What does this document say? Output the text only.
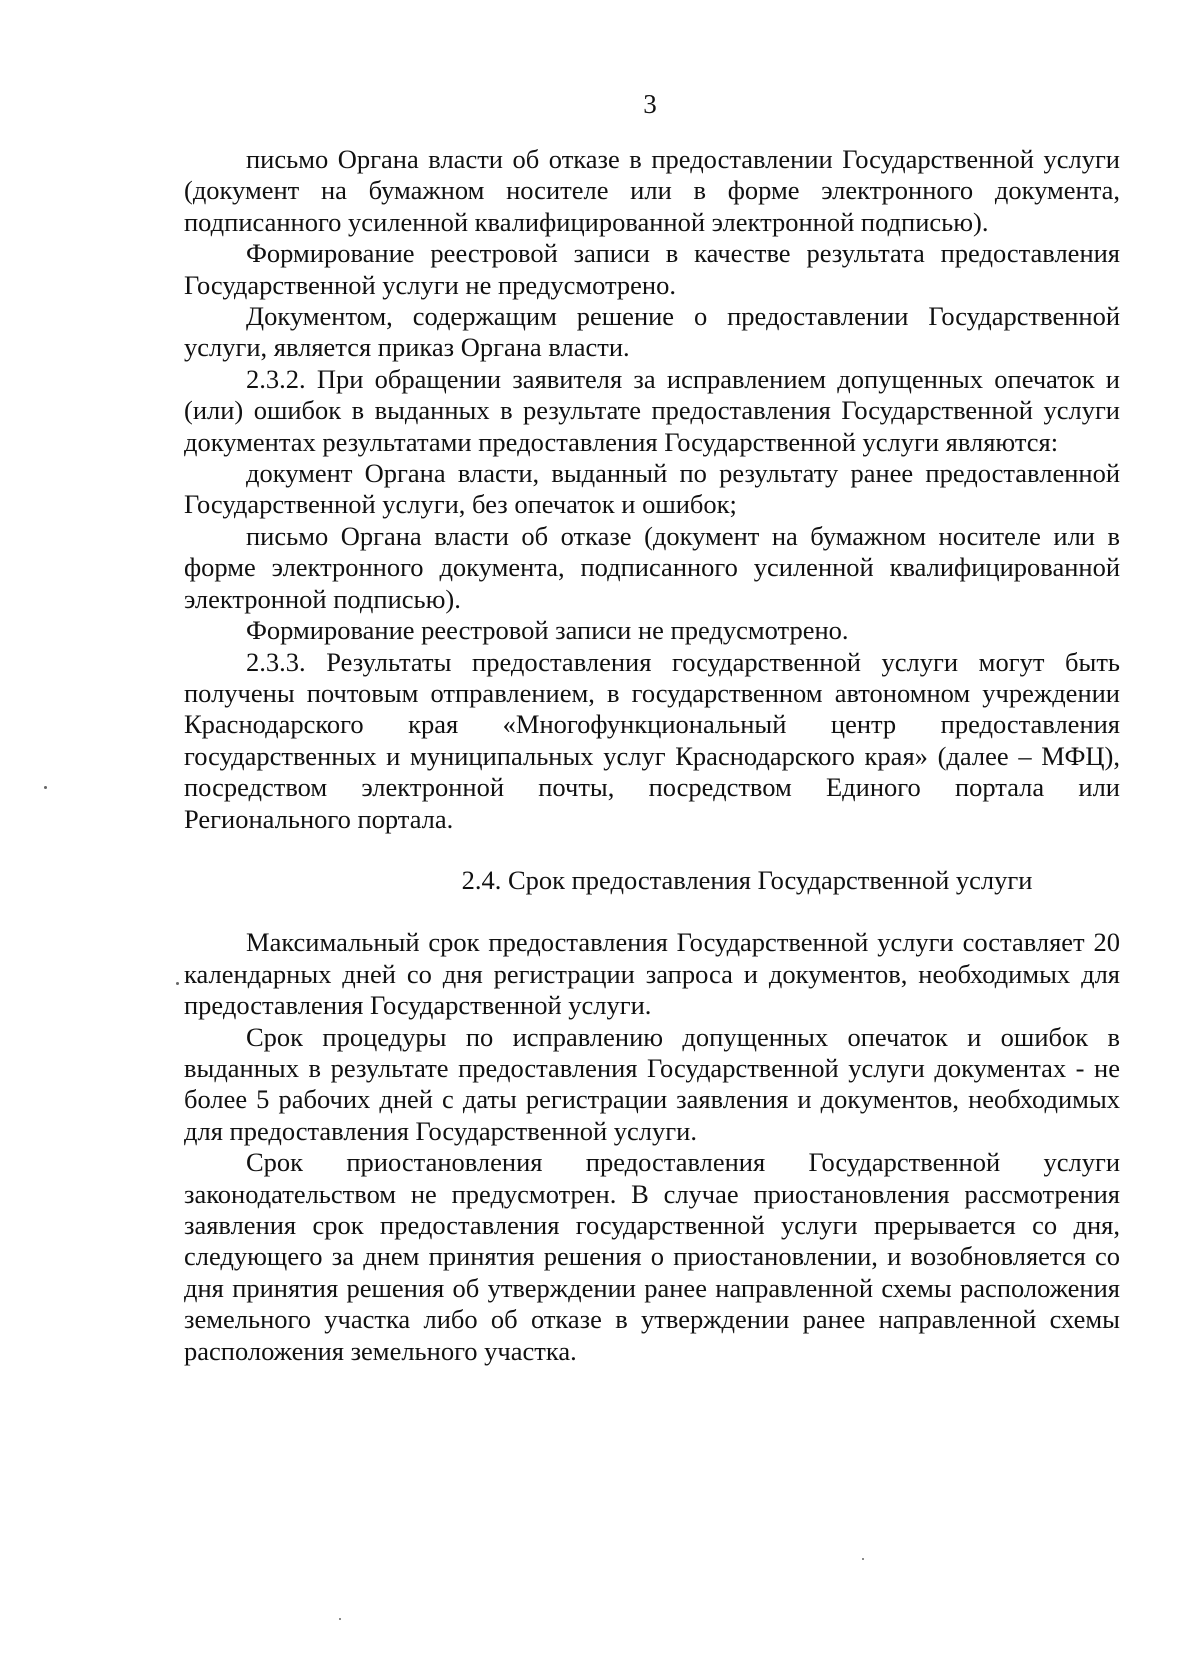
3

письмо Органа власти об отказе в предоставлении Государственной услуги (документ на бумажном носителе или в форме электронного документа, подписанного усиленной квалифицированной электронной подписью).

Формирование реестровой записи в качестве результата предоставления Государственной услуги не предусмотрено.

Документом, содержащим решение о предоставлении Государственной услуги, является приказ Органа власти.

2.3.2. При обращении заявителя за исправлением допущенных опечаток и (или) ошибок в выданных в результате предоставления Государственной услуги документах результатами предоставления Государственной услуги являются:

документ Органа власти, выданный по результату ранее предоставленной Государственной услуги, без опечаток и ошибок;

письмо Органа власти об отказе (документ на бумажном носителе или в форме электронного документа, подписанного усиленной квалифицированной электронной подписью).

Формирование реестровой записи не предусмотрено.

2.3.3. Результаты предоставления государственной услуги могут быть получены почтовым отправлением, в государственном автономном учреждении Краснодарского края «Многофункциональный центр предоставления государственных и муниципальных услуг Краснодарского края» (далее – МФЦ), посредством электронной почты, посредством Единого портала или Регионального портала.

2.4. Срок предоставления Государственной услуги

Максимальный срок предоставления Государственной услуги составляет 20 календарных дней со дня регистрации запроса и документов, необходимых для предоставления Государственной услуги.

Срок процедуры по исправлению допущенных опечаток и ошибок в выданных в результате предоставления Государственной услуги документах - не более 5 рабочих дней с даты регистрации заявления и документов, необходимых для предоставления Государственной услуги.

Срок приостановления предоставления Государственной услуги законодательством не предусмотрен. В случае приостановления рассмотрения заявления срок предоставления государственной услуги прерывается со дня, следующего за днем принятия решения о приостановлении, и возобновляется со дня принятия решения об утверждении ранее направленной схемы расположения земельного участка либо об отказе в утверждении ранее направленной схемы расположения земельного участка.
